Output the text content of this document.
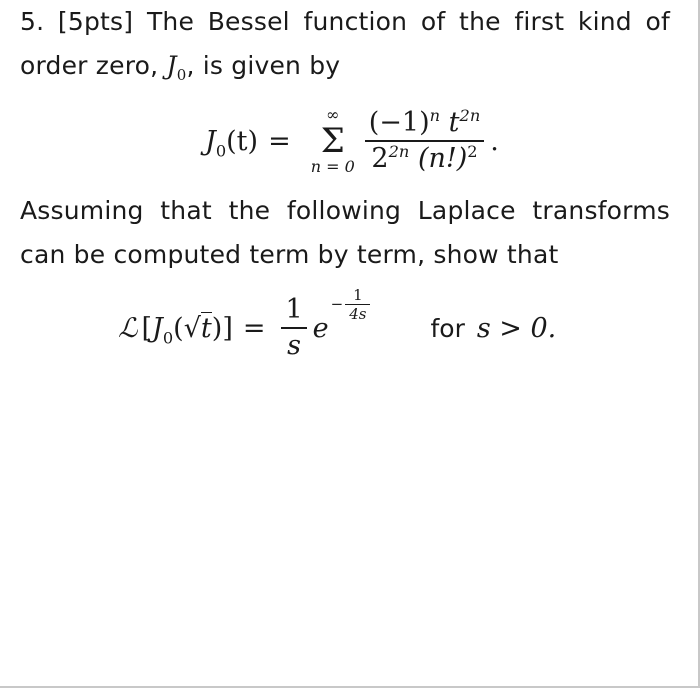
5. [5pts] The Bessel function of the first kind of
order zero, $J_0$, is given by
$J_0(t)$ =
∞
Σ
$n = 0 \frac{(-1)^n t^{2n}}{2^{2n} (n!)^2}$ .
Assuming that the following Laplace transforms
can be computed term by term, show that
ℒ [ $J_0$ ( √ t ) ] = $\frac{1}{s}$ e
− $\frac{1}{4s}$
for s > 0.
